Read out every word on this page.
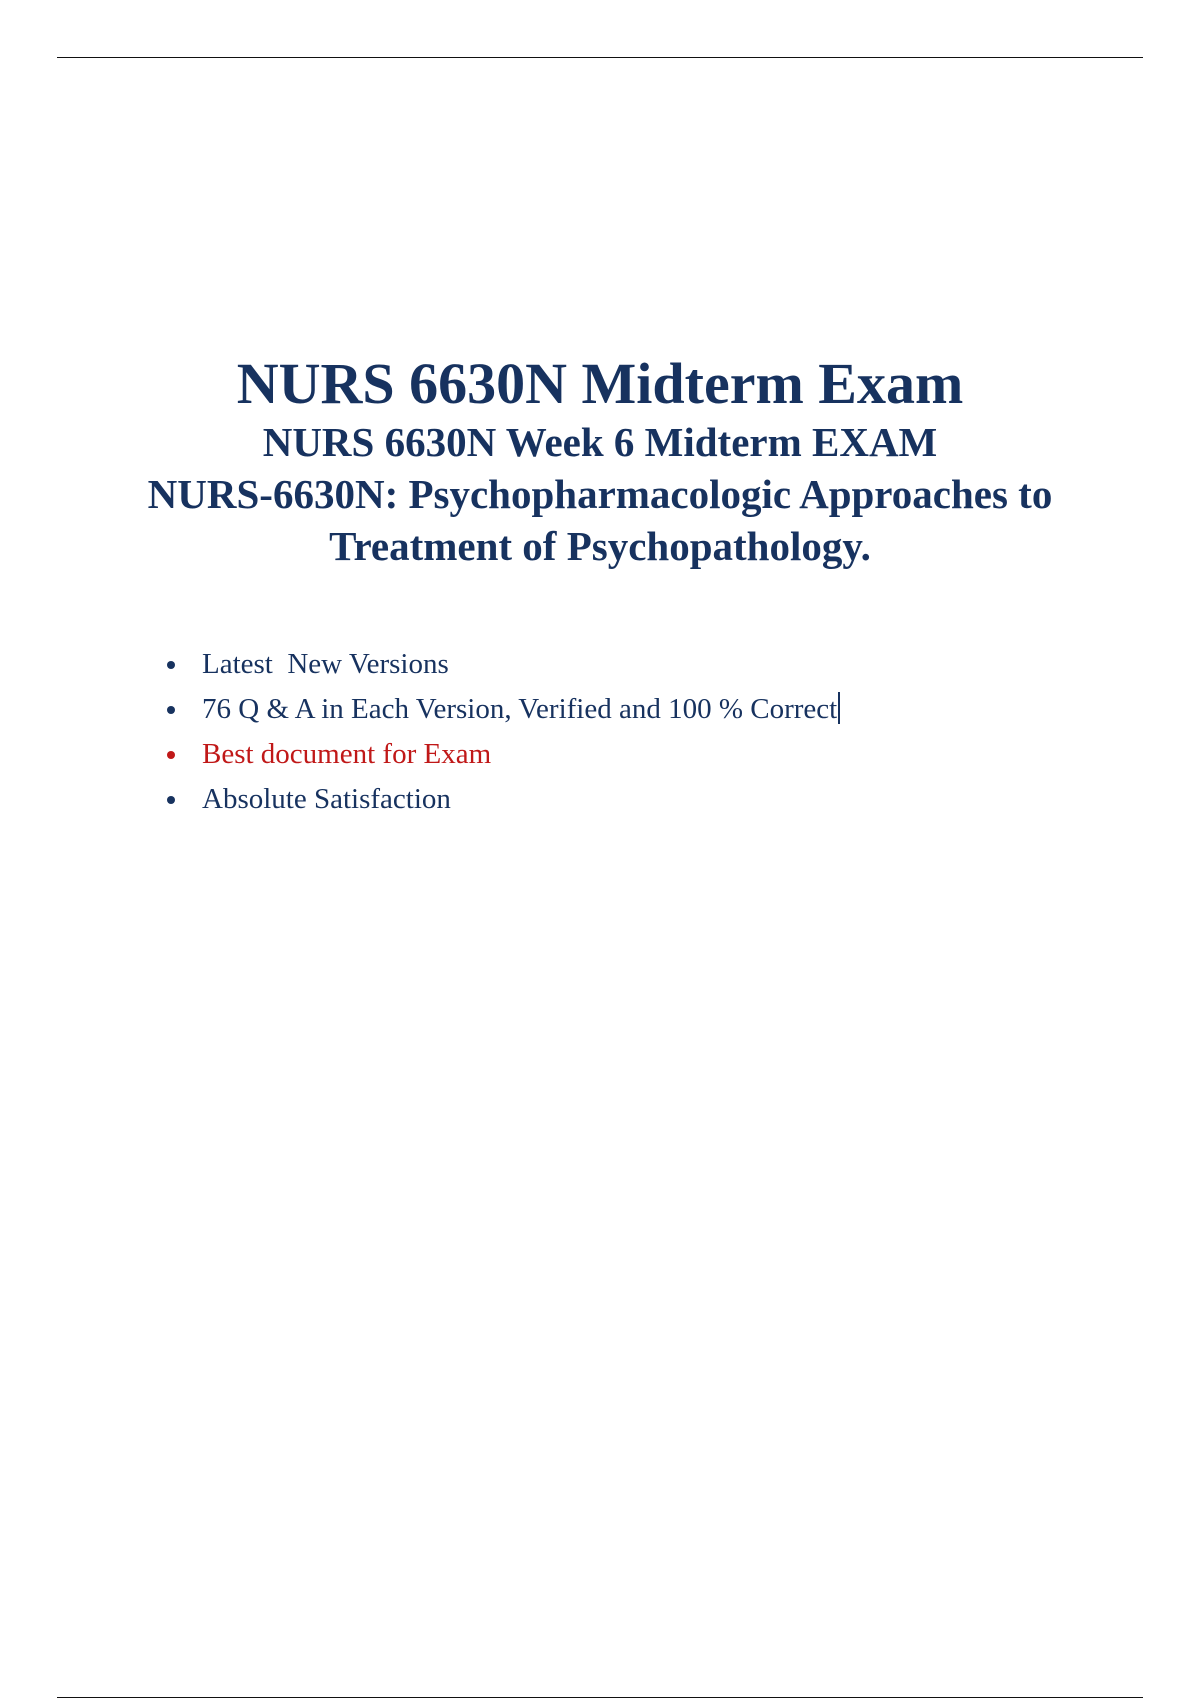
NURS 6630N Midterm Exam
NURS 6630N Week 6 Midterm EXAM
NURS-6630N: Psychopharmacologic Approaches to Treatment of Psychopathology.
Latest  New Versions
76 Q & A in Each Version, Verified and 100 % Correct
Best document for Exam
Absolute Satisfaction
